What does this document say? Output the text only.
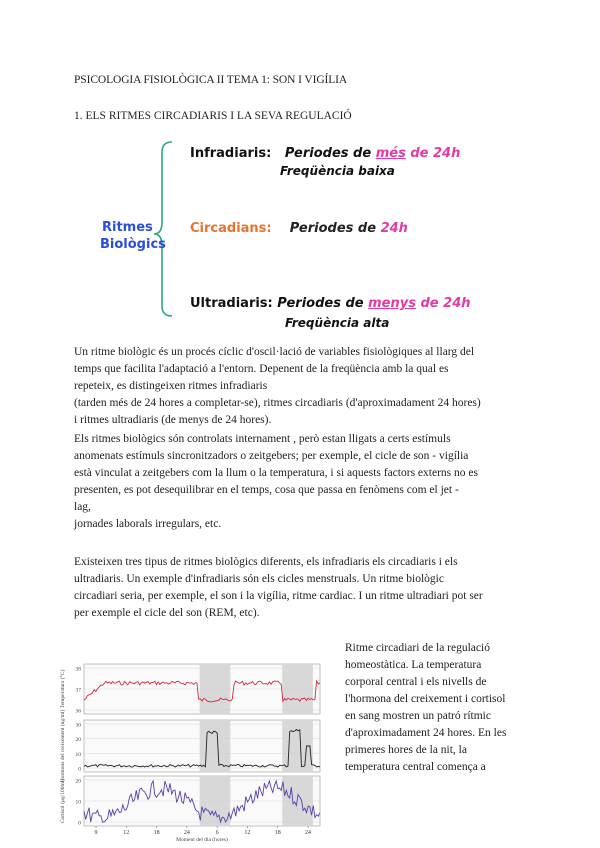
PSICOLOGIA FISIOLÒGICA II TEMA 1: SON I VIGÍLIA
1. ELS RITMES CIRCADIARIS I LA SEVA REGULACIÓ
Ritmes
Biològics
Infradiaris: Periodes de més de 24h
Freqüència baixa
Circadians: Periodes de 24h
Ultradiaris: Periodes de menys de 24h
Freqüència alta
Un ritme biològic és un procés cíclic d'oscil·lació de variables fisiològiques al llarg del
temps que facilita l'adaptació a l'entorn. Depenent de la freqüència amb la qual es
repeteix, es distingeixen ritmes infradiaris
(tarden més de 24 hores a completar-se), ritmes circadiaris (d'aproximadament 24 hores)
i ritmes ultradiaris (de menys de 24 hores).
Els ritmes biològics són controlats internament , però estan lligats a certs estímuls
anomenats estímuls sincronitzadors o zeitgebers; per exemple, el cicle de son - vigília
està vinculat a zeitgebers com la llum o la temperatura, i si aquests factors externs no es
presenten, es pot desequilibrar en el temps, cosa que passa en fenòmens com el jet -
lag,
jornades laborals irregulars, etc.
Existeixen tres tipus de ritmes biològics diferents, els infradiaris els circadiaris i els
ultradiaris. Un exemple d'infradiaris són els cicles menstruals. Un ritme biològic
circadiari seria, per exemple, el son i la vigília, ritme cardiac. I un ritme ultradiari pot ser
per exemple el cicle del son (REM, etc).
Ritme circadiari de la regulació
homeostàtica. La temperatura
corporal central i els nivells de
l'hormona del creixement i cortisol
en sang mostren un patró rítmic
d'aproximadament 24 hores. En les
primeres hores de la nit, la
temperatura central comença a
38
37
36
Temperatura (°C)
30
20
10
0
Hormona del creixement (ng/ml) 20
10
0
Cortisol (µg/100ml)
9	12	18	24	6	12	18	24
Moment del dia (hores)
